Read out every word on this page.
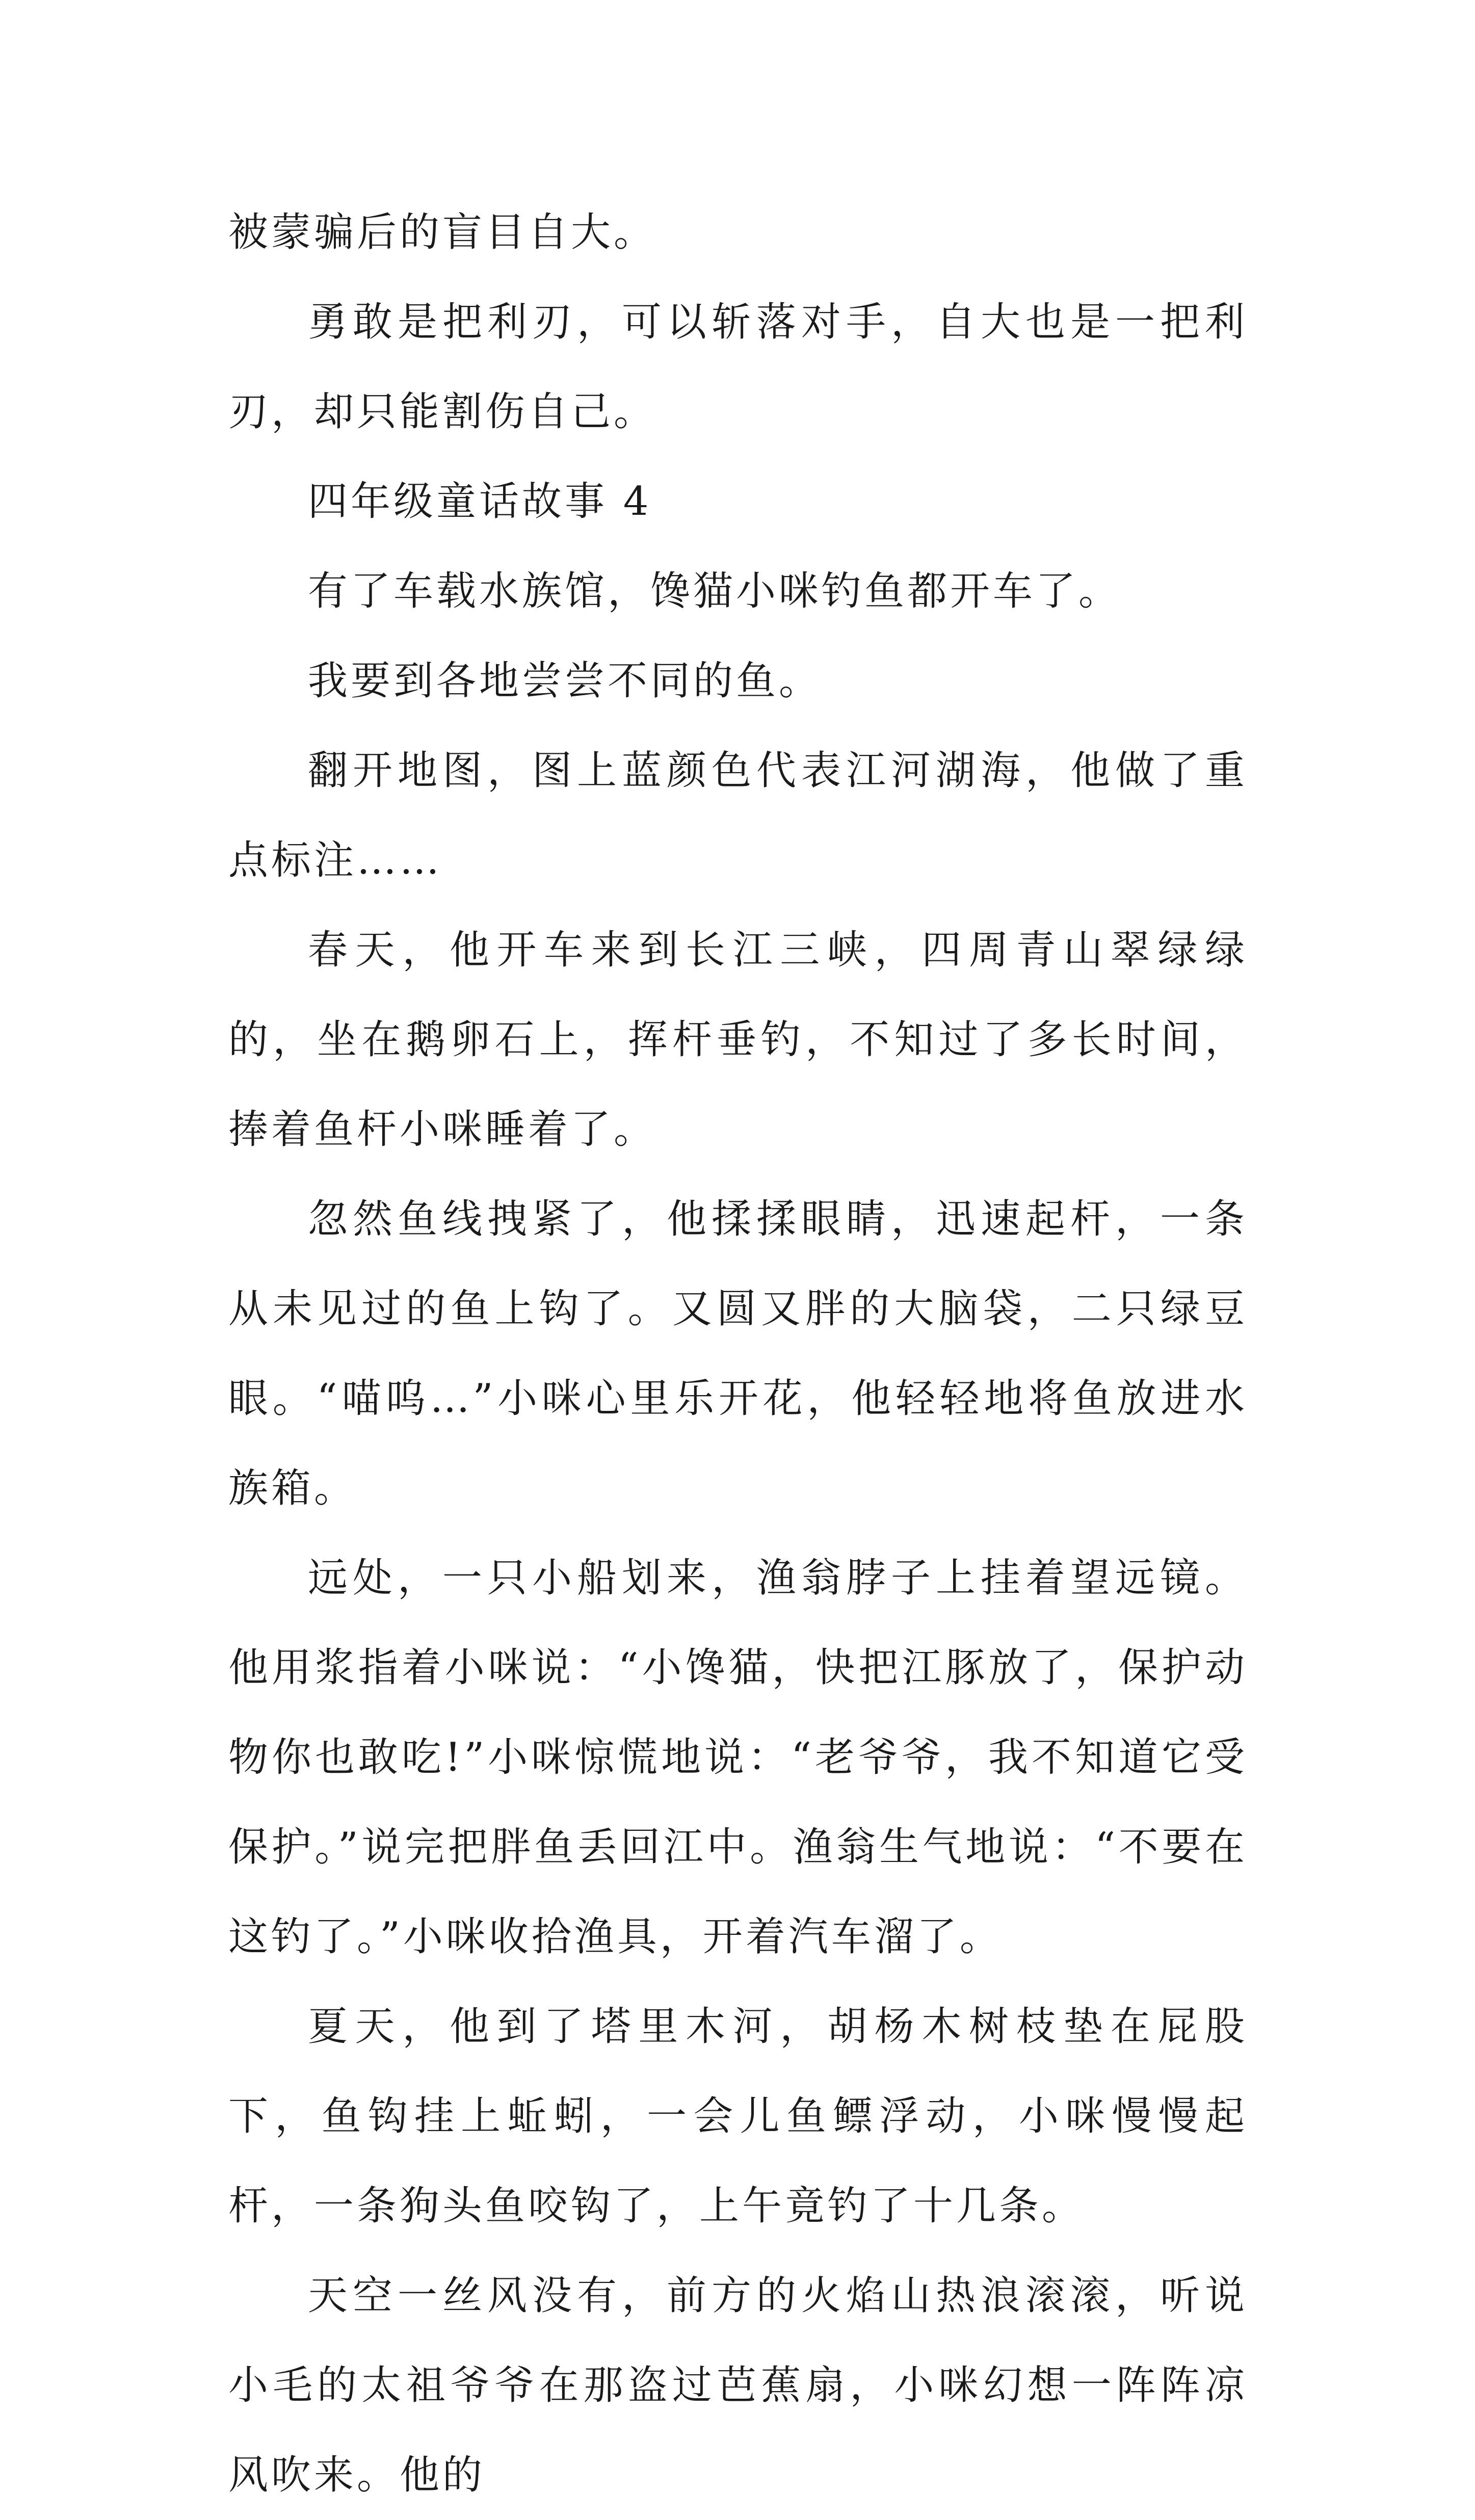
被蒙骗后的盲目自大。

勇敢是把利刃，可以斩落对手，自大也是一把利刃，却只能割伤自己。

四年级童话故事 4

有了车载水族馆，馋猫小咪钓鱼都开车了。

我要到各地尝尝不同的鱼。

翻开地图，图上蓝颜色代表江河湖海，他做了重点标注……

春天，他开车来到长江三峡，四周青山翠绿绿的，坐在鹅卵石上，挥杆垂钓，不知过了多长时间，捧着鱼杆小咪睡着了。

忽然鱼线拽紧了，他揉揉眼睛，迅速起杆，一条从未见过的鱼上钩了。又圆又胖的大脑袋，二只绿豆眼。“喵呜…”小咪心里乐开花，他轻轻地将鱼放进水族箱。

远处，一只小船划来，渔翁脖子上挂着望远镜。他用浆指着小咪说：“小馋猫，快把江豚放了，保护动物你也敢吃!”小咪惊慌地说：“老爷爷，我不知道它受保护。”说完把胖鱼丢回江中。渔翁生气地说：“不要在这钓了。”小咪收拾渔具，开着汽车溜了。

夏天，他到了塔里木河，胡杨木树枝垫在屁股下，鱼钩挂上蚯蚓，一会儿鱼鳔浮动，小咪慢慢起杆，一条狗头鱼咬钩了，上午竟钓了十几条。

天空一丝风没有，前方的火焰山热浪滚滚，听说小毛的太祖爷爷在那盗过芭蕉扇，小咪幻想一阵阵凉风吹来。他的
